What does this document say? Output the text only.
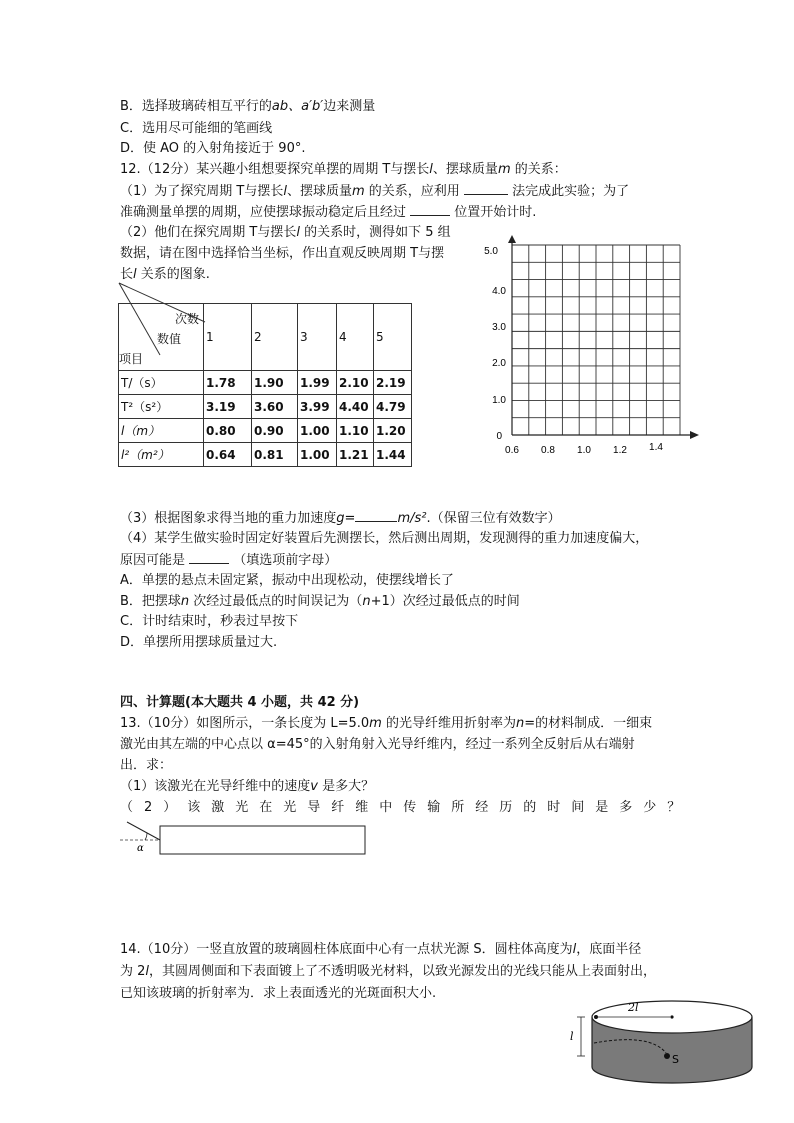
B．选择玻璃砖相互平行的ab、a′b′边来测量
C．选用尽可能细的笔画线
D．使 AO 的入射角接近于 90°.
12.（12分）某兴趣小组想要探究单摆的周期 T与摆长l、摆球质量m 的关系：
（1）为了探究周期 T与摆长l、摆球质量m 的关系，应利用	法完成此实验；为了
准确测量单摆的周期，应使摆球振动稳定后且经过	位置开始计时.
（2）他们在探究周期 T与摆长l 的关系时，测得如下 5 组
数据，请在图中选择恰当坐标，作出直观反映周期 T与摆
长l 关系的图象.
次数
数值
项目	1	2	3	4	5
T/（s）	1.78	1.90	1.99	2.10	2.19
T²（s²）	3.19	3.60	3.99	4.40	4.79
l（m）	0.80	0.90	1.00	1.10	1.20
l²（m²）	0.64	0.81	1.00	1.21	1.44
5.0
4.0
3.0
2.0
1.0
0
0.6 0.8 1.0 1.2 1.4
（3）根据图象求得当地的重力加速度g=	m/s².（保留三位有效数字）
（4）某学生做实验时固定好装置后先测摆长，然后测出周期，发现测得的重力加速度偏大，
原因可能是	（填选项前字母）
A．单摆的悬点未固定紧，振动中出现松动，使摆线增长了
B．把摆球n 次经过最低点的时间误记为（n+1）次经过最低点的时间
C．计时结束时，秒表过早按下
D．单摆所用摆球质量过大.
四、计算题(本大题共 4 小题，共 42 分)
13.（10分）如图所示，一条长度为 L=5.0m 的光导纤维用折射率为n=的材料制成．一细束
激光由其左端的中心点以 α=45°的入射角射入光导纤维内，经过一系列全反射后从右端射
出．求：
（1）该激光在光导纤维中的速度v 是多大？
（2）该激光在光导纤维中传输所经历的时间是多少？
α
14.（10分）一竖直放置的玻璃圆柱体底面中心有一点状光源 S．圆柱体高度为l，底面半径
为 2l，其圆周侧面和下表面镀上了不透明吸光材料，以致光源发出的光线只能从上表面射出，
已知该玻璃的折射率为．求上表面透光的光斑面积大小.
2l
S
l
